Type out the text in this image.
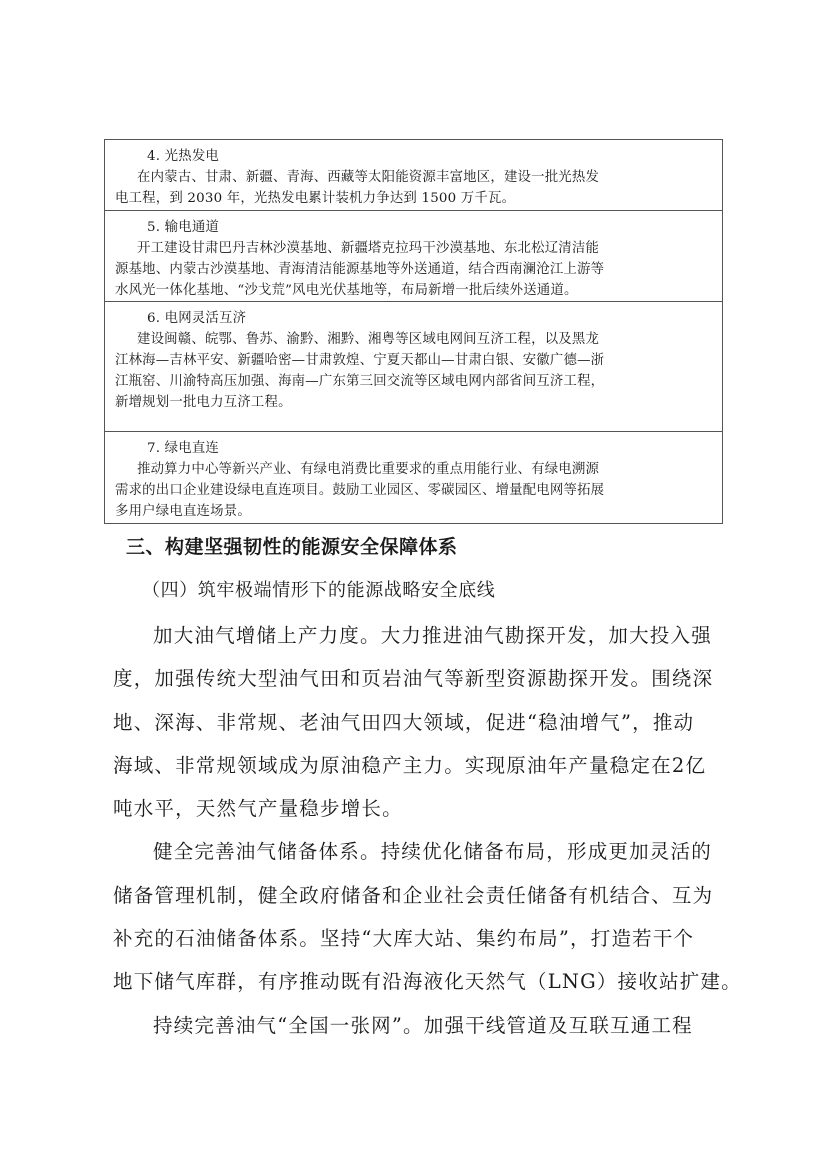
4. 光热发电
在内蒙古、甘肃、新疆、青海、西藏等太阳能资源丰富地区，建设一批光热发
电工程，到 2030 年，光热发电累计装机力争达到 1500 万千瓦。
5. 输电通道
开工建设甘肃巴丹吉林沙漠基地、新疆塔克拉玛干沙漠基地、东北松辽清洁能
源基地、内蒙古沙漠基地、青海清洁能源基地等外送通道，结合西南澜沧江上游等
水风光一体化基地、“沙戈荒”风电光伏基地等，布局新增一批后续外送通道。
6. 电网灵活互济
建设闽赣、皖鄂、鲁苏、渝黔、湘黔、湘粤等区域电网间互济工程，以及黑龙
江林海—吉林平安、新疆哈密—甘肃敦煌、宁夏天都山—甘肃白银、安徽广德—浙
江瓶窑、川渝特高压加强、海南—广东第三回交流等区域电网内部省间互济工程，
新增规划一批电力互济工程。
7. 绿电直连
推动算力中心等新兴产业、有绿电消费比重要求的重点用能行业、有绿电溯源
需求的出口企业建设绿电直连项目。鼓励工业园区、零碳园区、增量配电网等拓展
多用户绿电直连场景。
三、构建坚强韧性的能源安全保障体系
（四）筑牢极端情形下的能源战略安全底线
加大油气增储上产力度。大力推进油气勘探开发，加大投入强
度，加强传统大型油气田和页岩油气等新型资源勘探开发。围绕深
地、深海、非常规、老油气田四大领域，促进“稳油增气”，推动
海域、非常规领域成为原油稳产主力。实现原油年产量稳定在2亿
吨水平，天然气产量稳步增长。
健全完善油气储备体系。持续优化储备布局，形成更加灵活的
储备管理机制，健全政府储备和企业社会责任储备有机结合、互为
补充的石油储备体系。坚持“大库大站、集约布局”，打造若干个
地下储气库群，有序推动既有沿海液化天然气（LNG）接收站扩建。
持续完善油气“全国一张网”。加强干线管道及互联互通工程
